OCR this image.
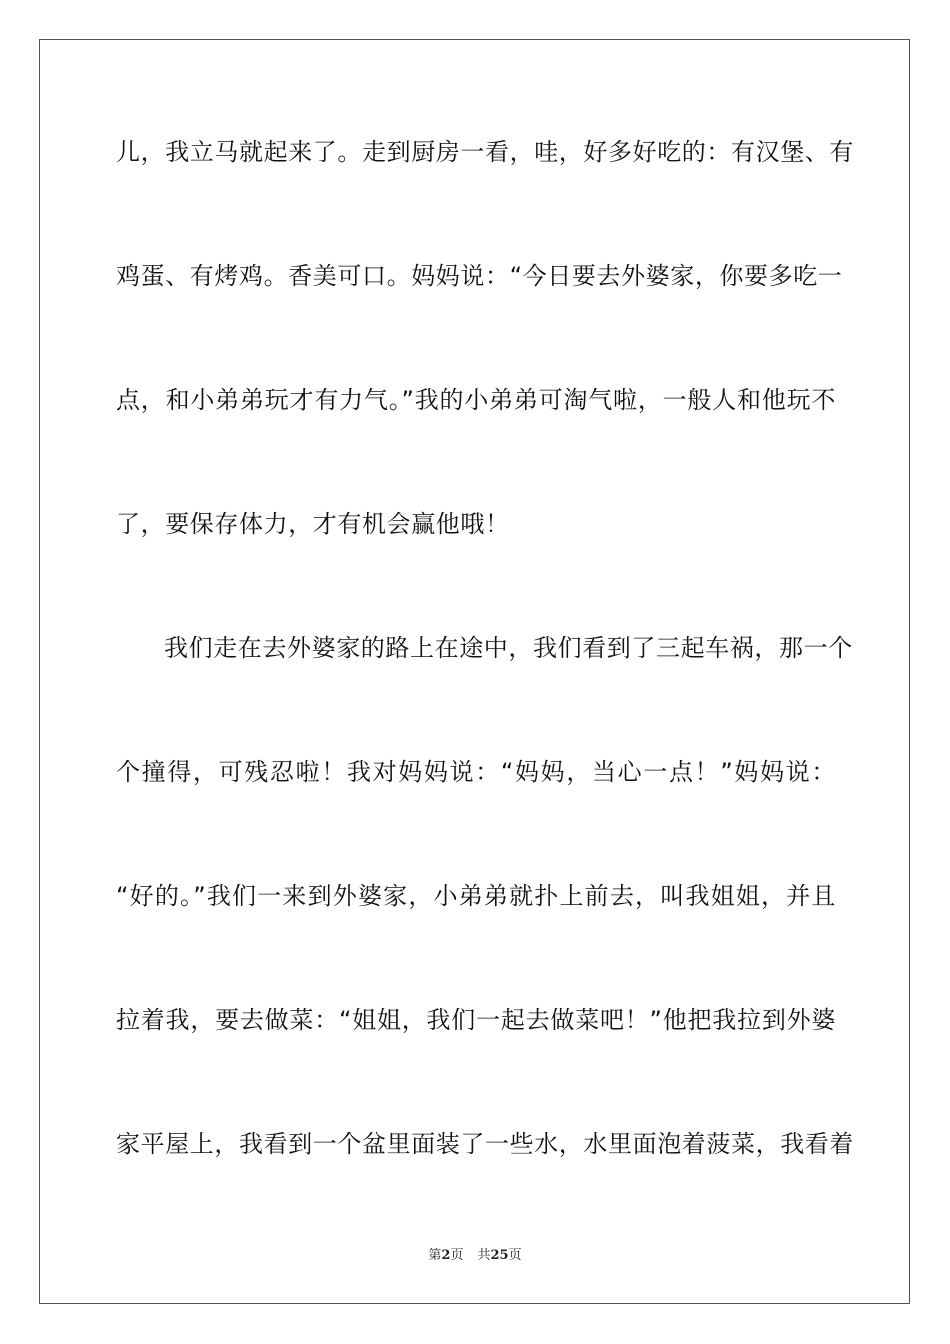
儿，我立马就起来了。走到厨房一看，哇，好多好吃的：有汉堡、有
鸡蛋、有烤鸡。香美可口。妈妈说：“今日要去外婆家，你要多吃一
点，和小弟弟玩才有力气。”我的小弟弟可淘气啦，一般人和他玩不
了，要保存体力，才有机会赢他哦！
我们走在去外婆家的路上在途中，我们看到了三起车祸，那一个
个撞得，可残忍啦！我对妈妈说：“妈妈，当心一点！”妈妈说：
“好的。”我们一来到外婆家，小弟弟就扑上前去，叫我姐姐，并且
拉着我，要去做菜：“姐姐，我们一起去做菜吧！”他把我拉到外婆
家平屋上，我看到一个盆里面装了一些水，水里面泡着菠菜，我看着
第2页 共25页
